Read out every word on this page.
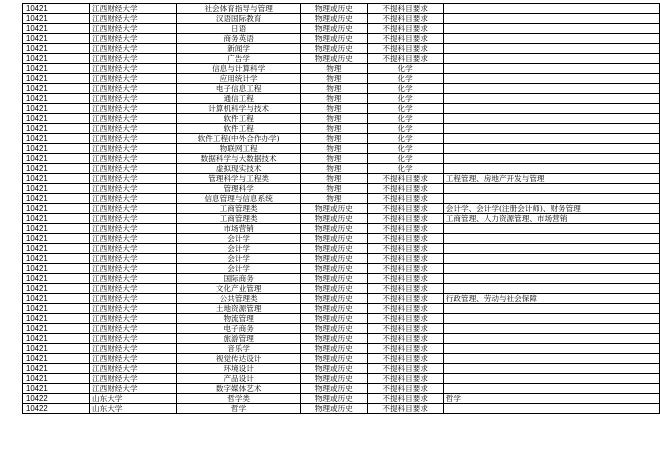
10421	江西财经大学	社会体育指导与管理	物理或历史	不提科目要求	
10421	江西财经大学	汉语国际教育	物理或历史	不提科目要求	
10421	江西财经大学	日语	物理或历史	不提科目要求	
10421	江西财经大学	商务英语	物理或历史	不提科目要求	
10421	江西财经大学	新闻学	物理或历史	不提科目要求	
10421	江西财经大学	广告学	物理或历史	不提科目要求	
10421	江西财经大学	信息与计算科学	物理	化学	
10421	江西财经大学	应用统计学	物理	化学	
10421	江西财经大学	电子信息工程	物理	化学	
10421	江西财经大学	通信工程	物理	化学	
10421	江西财经大学	计算机科学与技术	物理	化学	
10421	江西财经大学	软件工程	物理	化学	
10421	江西财经大学	软件工程	物理	化学	
10421	江西财经大学	软件工程(中外合作办学)	物理	化学	
10421	江西财经大学	物联网工程	物理	化学	
10421	江西财经大学	数据科学与大数据技术	物理	化学	
10421	江西财经大学	虚拟现实技术	物理	化学	
10421	江西财经大学	管理科学与工程类	物理	不提科目要求	工程管理、房地产开发与管理
10421	江西财经大学	管理科学	物理	不提科目要求	
10421	江西财经大学	信息管理与信息系统	物理	不提科目要求	
10421	江西财经大学	工商管理类	物理或历史	不提科目要求	会计学、会计学(注册会计师)、财务管理
10421	江西财经大学	工商管理类	物理或历史	不提科目要求	工商管理、人力资源管理、市场营销
10421	江西财经大学	市场营销	物理或历史	不提科目要求	
10421	江西财经大学	会计学	物理或历史	不提科目要求	
10421	江西财经大学	会计学	物理或历史	不提科目要求	
10421	江西财经大学	会计学	物理或历史	不提科目要求	
10421	江西财经大学	会计学	物理或历史	不提科目要求	
10421	江西财经大学	国际商务	物理或历史	不提科目要求	
10421	江西财经大学	文化产业管理	物理或历史	不提科目要求	
10421	江西财经大学	公共管理类	物理或历史	不提科目要求	行政管理、劳动与社会保障
10421	江西财经大学	土地资源管理	物理或历史	不提科目要求	
10421	江西财经大学	物流管理	物理或历史	不提科目要求	
10421	江西财经大学	电子商务	物理或历史	不提科目要求	
10421	江西财经大学	旅游管理	物理或历史	不提科目要求	
10421	江西财经大学	音乐学	物理或历史	不提科目要求	
10421	江西财经大学	视觉传达设计	物理或历史	不提科目要求	
10421	江西财经大学	环境设计	物理或历史	不提科目要求	
10421	江西财经大学	产品设计	物理或历史	不提科目要求	
10421	江西财经大学	数字媒体艺术	物理或历史	不提科目要求	
10422	山东大学	哲学类	物理或历史	不提科目要求	哲学
10422	山东大学	哲学	物理或历史	不提科目要求	
